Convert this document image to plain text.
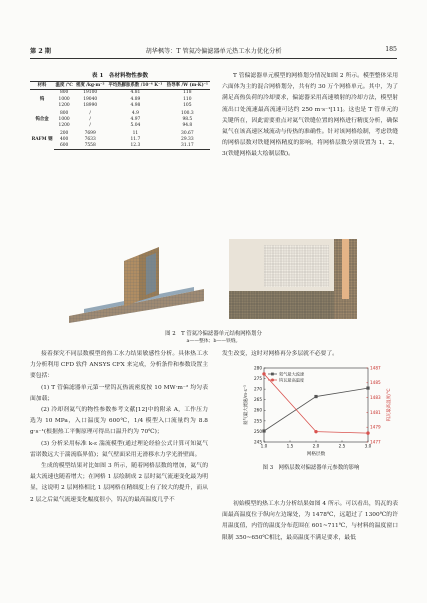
第 2 期	胡华枫等：T 管氦冷偏滤器单元热工水力优化分析	185
表 1　各材料物性参数
材料	温度 /℃	密度 /kg·m⁻³	平均热膨胀系数 /10⁻⁶ K⁻¹	热导率 /W (m·K)⁻¹
钨	800	19100	4.81	118
	1000	19040	4.89	110
	1200	18990	4.98	105
钨合金	800	/	4.9	100.3
	1000	/	4.97	98.5
	1200	/	5.04	94.8
RAFM 钢	200	7699	11	30.67
	400	7633	11.7	29.33
	600	7558	12.3	31.17

T 管偏滤器单元模型的网格划分情况如图 2 所示。模型整体采用六面体为主的混合网格划分，共有约 30 万个网格单元。其中，为了满足高热负荷的冷却要求，偏滤器采用高速喷射的冷却方法，模型射流出口处流速最高流速可达约 250 m·s⁻¹[11]。这也是 T 管单元的关键所在，因此需要重点对氦气铁缝位置的网格进行精度分析，确保氦气在该高速区域流动与传热的准确性。针对该网格绘制，考虑铁缝的网格层数对铁缝网格精度的影响，将网格层数分别设置为 1、2、3(铁缝网格最大绘制层数)。

图 2　T 管氦冷偏滤器单元结构网格划分
a——整体；b——铁缝。

接着探究不同层数模型的热工水力结果敏感性分析。具体热工水力分析利用 CFD 软件 ANSYS CFX 来完成，分析条件和参数设置主要包括：

(1) T 管偏滤器单元第一壁钨瓦热流密度按 10 MW·m⁻² 均匀表面加载；

(2) 冷却剂氦气的物性参数参考文献[12]中的附录 A，工作压力选为 10 MPa，入口温度为 600℃，1/4 模型入口流量约为 8.8 g·s⁻¹(根据热工平衡原理可得出口温升约为 70℃)；

(3) 分析采用标准 k-ε 湍流模型(通过理论经验公式计算可知氦气雷诺数远大于湍流临界值)；氦气壁面采用无滑移水力学光滑壁面。

生成的模型结果对比如图 3 所示，随着网格层数的增加，氦气的最大流速也随着增大；在网格 1 层绘制成 2 层时氦气流速变化最为明显，这说明 2 层网格相比 1 层网格在精细度上有了较大的提升，而从 2 层之后氦气流速变化幅度很小，钨瓦的最高温度几乎不

发生改变，这时对网格再分多层就不必要了。
1.0	1.5	2.0	2.5	3.0
245
250
255
260
265
270
275
280
1477
1479
1481
1483
1485
1487
网格层数
氦气最大流速/m·s⁻¹	钨瓦最高温度/℃
氦气最大流速
钨瓦最高温度
图 3　网格层数对偏滤器单元参数的影响

初始模型的热工水力分析结果如图 4 所示。可以看出，钨瓦的表面最高温度位于纵向左边缘处，为 1478℃，远超过了 1300℃的许用温度值，内管的温度分布范围在 601~711℃，与材料的温度窗口限制 350~650℃相比，最高温度不满足要求，最低
